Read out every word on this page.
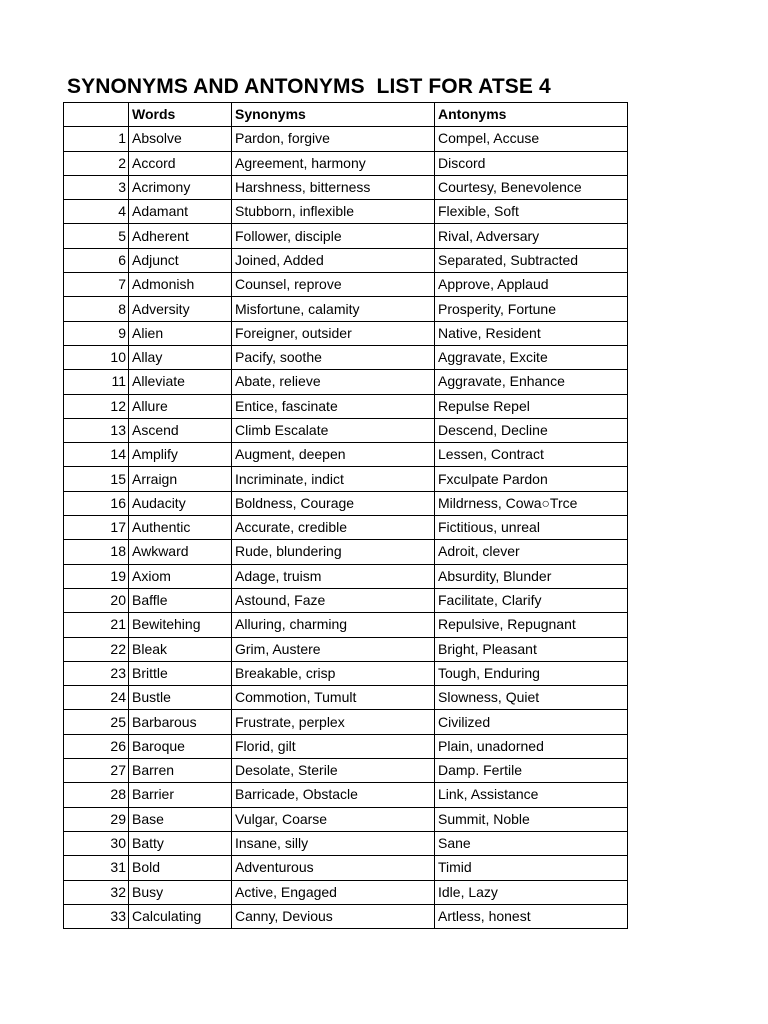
SYNONYMS AND ANTONYMS  LIST FOR ATSE 4
	Words	Synonyms	Antonyms
1	Absolve	Pardon, forgive	Compel, Accuse
2	Accord	Agreement, harmony	Discord
3	Acrimony	Harshness, bitterness	Courtesy, Benevolence
4	Adamant	Stubborn, inflexible	Flexible, Soft
5	Adherent	Follower, disciple	Rival, Adversary
6	Adjunct	Joined, Added	Separated, Subtracted
7	Admonish	Counsel, reprove	Approve, Applaud
8	Adversity	Misfortune, calamity	Prosperity, Fortune
9	Alien	Foreigner, outsider	Native, Resident
10	Allay	Pacify, soothe	Aggravate, Excite
11	Alleviate	Abate, relieve	Aggravate, Enhance
12	Allure	Entice, fascinate	Repulse Repel
13	Ascend	Climb Escalate	Descend, Decline
14	Amplify	Augment, deepen	Lessen, Contract
15	Arraign	Incriminate, indict	Fxculpate Pardon
16	Audacity	Boldness, Courage	Mildrness, Cowa○Trce
17	Authentic	Accurate, credible	Fictitious, unreal
18	Awkward	Rude, blundering	Adroit, clever
19	Axiom	Adage, truism	Absurdity, Blunder
20	Baffle	Astound, Faze	Facilitate, Clarify
21	Bewitehing	Alluring, charming	Repulsive, Repugnant
22	Bleak	Grim, Austere	Bright, Pleasant
23	Brittle	Breakable, crisp	Tough, Enduring
24	Bustle	Commotion, Tumult	Slowness, Quiet
25	Barbarous	Frustrate, perplex	Civilized
26	Baroque	Florid, gilt	Plain, unadorned
27	Barren	Desolate, Sterile	Damp. Fertile
28	Barrier	Barricade, Obstacle	Link, Assistance
29	Base	Vulgar, Coarse	Summit, Noble
30	Batty	Insane, silly	Sane
31	Bold	Adventurous	Timid
32	Busy	Active, Engaged	Idle, Lazy
33	Calculating	Canny, Devious	Artless, honest
